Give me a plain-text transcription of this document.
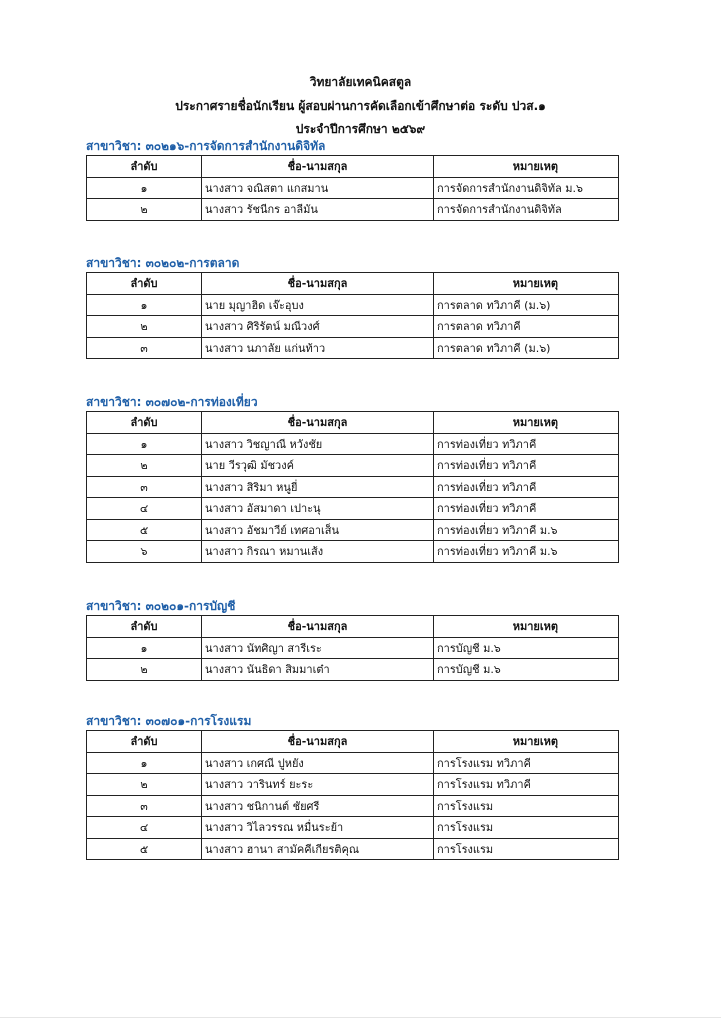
วิทยาลัยเทคนิคสตูล
ประกาศรายชื่อนักเรียน ผู้สอบผ่านการคัดเลือกเข้าศึกษาต่อ ระดับ ปวส.๑
ประจำปีการศึกษา ๒๕๖๙
สาขาวิชา: ๓๐๒๑๖-การจัดการสำนักงานดิจิทัล
ลำดับ	ชื่อ-นามสกุล	หมายเหตุ
๑	นางสาว จณิสตา แกสมาน	การจัดการสำนักงานดิจิทัล ม.๖
๒	นางสาว รัชนีกร อาลีมัน	การจัดการสำนักงานดิจิทัล
สาขาวิชา: ๓๐๒๐๒-การตลาด
ลำดับ	ชื่อ-นามสกุล	หมายเหตุ
๑	นาย มุญาฮิด เจ๊ะอุบง	การตลาด ทวิภาคี (ม.๖)
๒	นางสาว ศิริรัตน์ มณีวงศ์	การตลาด ทวิภาคี
๓	นางสาว นภาลัย แก่นท้าว	การตลาด ทวิภาคี (ม.๖)
สาขาวิชา: ๓๐๗๐๒-การท่องเที่ยว
ลำดับ	ชื่อ-นามสกุล	หมายเหตุ
๑	นางสาว วิชญาณี หวังชัย	การท่องเที่ยว ทวิภาคี
๒	นาย วีรวุฒิ มัชวงค์	การท่องเที่ยว ทวิภาคี
๓	นางสาว สิริมา หนูยี่	การท่องเที่ยว ทวิภาคี
๔	นางสาว อัสมาดา เปาะนุ	การท่องเที่ยว ทวิภาคี
๕	นางสาว อัชมาวีย์ เทศอาเส็น	การท่องเที่ยว ทวิภาคี ม.๖
๖	นางสาว กิรณา หมานเส้ง	การท่องเที่ยว ทวิภาคี ม.๖
สาขาวิชา: ๓๐๒๐๑-การบัญชี
ลำดับ	ชื่อ-นามสกุล	หมายเหตุ
๑	นางสาว นัทศิญา สารีเระ	การบัญชี ม.๖
๒	นางสาว นันธิดา สิมมาเต๋า	การบัญชี ม.๖
สาขาวิชา: ๓๐๗๐๑-การโรงแรม
ลำดับ	ชื่อ-นามสกุล	หมายเหตุ
๑	นางสาว เกศณี ปูหยัง	การโรงแรม ทวิภาคี
๒	นางสาว วารินทร์ ยะระ	การโรงแรม ทวิภาคี
๓	นางสาว ชนิกานต์ ชัยศรี	การโรงแรม
๔	นางสาว วิไลวรรณ หมื่นระย้า	การโรงแรม
๕	นางสาว ฮานา สามัคคีเกียรติคุณ	การโรงแรม
